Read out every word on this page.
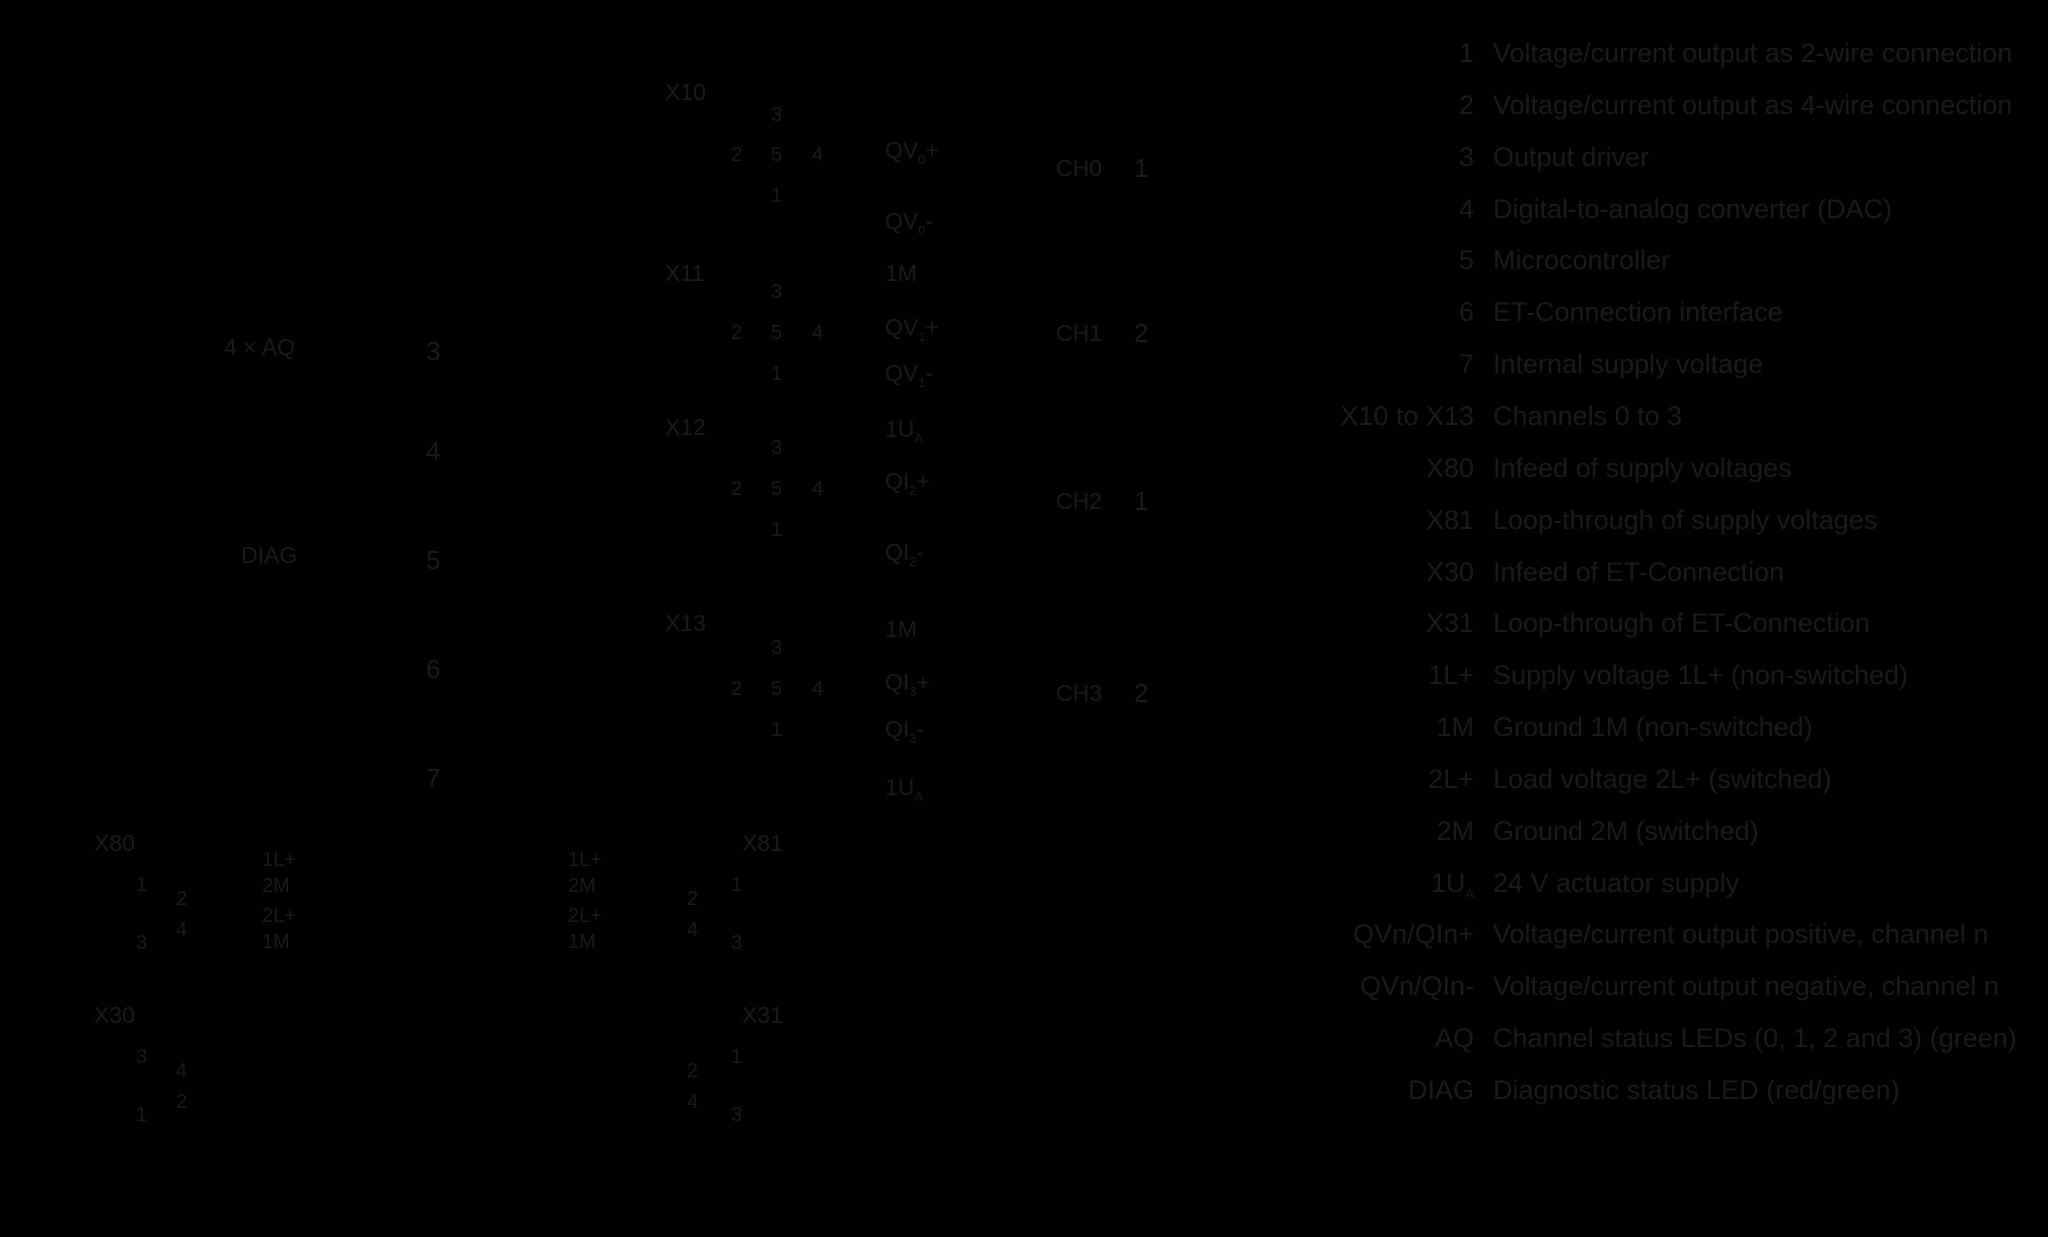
4 × AQ
DIAG
3
4
5
6
7
X10
3
2 5 4
1
X11
3
2 5 4
1
X12
3
2 5 4
1
X13
3
2 5 4
1
$QV_0+$
$QV_0-$
1M
$QV_1+$
$QV_1-$
$1U_A$
$QI_2+$
$QI_2-$
1M
$QI_3+$
$QI_3-$
$1U_A$
CH0 1
CH1 2
CH2 1
CH3 2
X80
1
2
4
3
1L+
2M
2L+
1M
1L+
2M
2L+
1M
X81
2
1
4
3
X30
3
4
2
1
X31
1
2
4
3
1 Voltage/current output as 2-wire connection
2 Voltage/current output as 4-wire connection
3 Output driver
4 Digital-to-analog converter (DAC)
5 Microcontroller
6 ET-Connection interface
7 Internal supply voltage
X10 to X13 Channels 0 to 3
X80 Infeed of supply voltages
X81 Loop-through of supply voltages
X30 Infeed of ET-Connection
X31 Loop-through of ET-Connection
1L+ Supply voltage 1L+ (non-switched)
1M Ground 1M (non-switched)
2L+ Load voltage 2L+ (switched)
2M Ground 2M (switched)
$1U_A$ 24 V actuator supply
QVn/QIn+ Voltage/current output positive, channel n
QVn/QIn- Voltage/current output negative, channel n
AQ Channel status LEDs (0, 1, 2 and 3) (green)
DIAG Diagnostic status LED (red/green)
